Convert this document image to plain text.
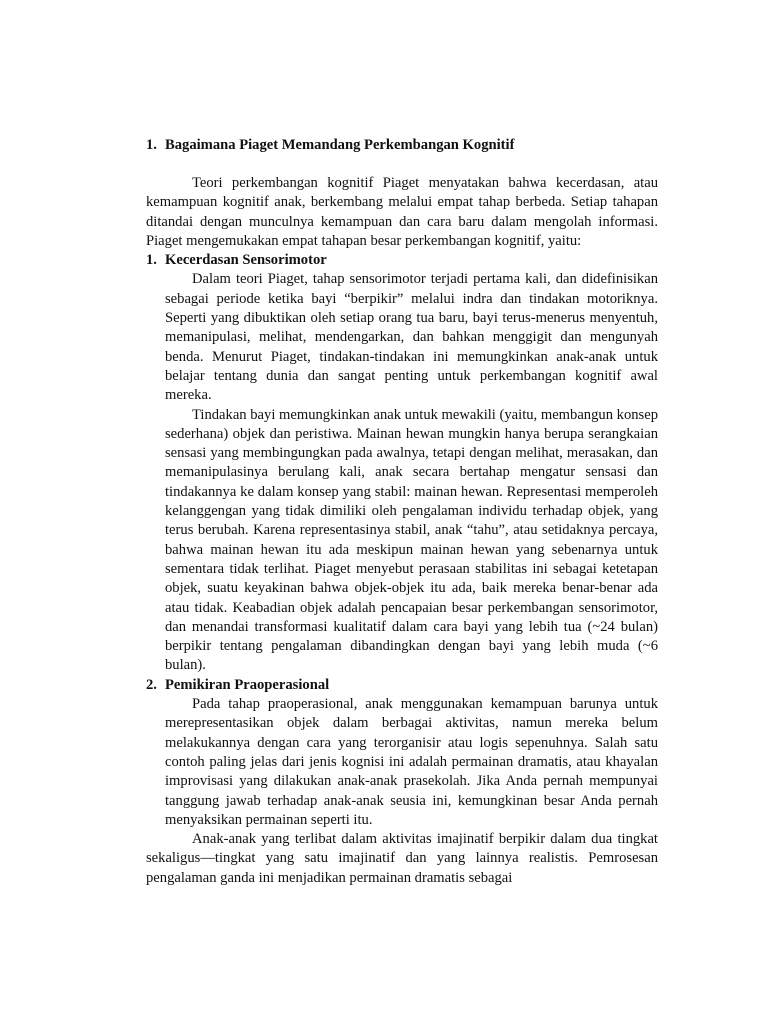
1. Bagaimana Piaget Memandang Perkembangan Kognitif

Teori perkembangan kognitif Piaget menyatakan bahwa kecerdasan, atau kemampuan kognitif anak, berkembang melalui empat tahap berbeda. Setiap tahapan ditandai dengan munculnya kemampuan dan cara baru dalam mengolah informasi. Piaget mengemukakan empat tahapan besar perkembangan kognitif, yaitu:

1. Kecerdasan Sensorimotor

Dalam teori Piaget, tahap sensorimotor terjadi pertama kali, dan didefinisikan sebagai periode ketika bayi “berpikir” melalui indra dan tindakan motoriknya. Seperti yang dibuktikan oleh setiap orang tua baru, bayi terus-menerus menyentuh, memanipulasi, melihat, mendengarkan, dan bahkan menggigit dan mengunyah benda. Menurut Piaget, tindakan-tindakan ini memungkinkan anak-anak untuk belajar tentang dunia dan sangat penting untuk perkembangan kognitif awal mereka.

Tindakan bayi memungkinkan anak untuk mewakili (yaitu, membangun konsep sederhana) objek dan peristiwa. Mainan hewan mungkin hanya berupa serangkaian sensasi yang membingungkan pada awalnya, tetapi dengan melihat, merasakan, dan memanipulasinya berulang kali, anak secara bertahap mengatur sensasi dan tindakannya ke dalam konsep yang stabil: mainan hewan. Representasi memperoleh kelanggengan yang tidak dimiliki oleh pengalaman individu terhadap objek, yang terus berubah. Karena representasinya stabil, anak “tahu”, atau setidaknya percaya, bahwa mainan hewan itu ada meskipun mainan hewan yang sebenarnya untuk sementara tidak terlihat. Piaget menyebut perasaan stabilitas ini sebagai ketetapan objek, suatu keyakinan bahwa objek-objek itu ada, baik mereka benar-benar ada atau tidak. Keabadian objek adalah pencapaian besar perkembangan sensorimotor, dan menandai transformasi kualitatif dalam cara bayi yang lebih tua (~24 bulan) berpikir tentang pengalaman dibandingkan dengan bayi yang lebih muda (~6 bulan).

2. Pemikiran Praoperasional

Pada tahap praoperasional, anak menggunakan kemampuan barunya untuk merepresentasikan objek dalam berbagai aktivitas, namun mereka belum melakukannya dengan cara yang terorganisir atau logis sepenuhnya. Salah satu contoh paling jelas dari jenis kognisi ini adalah permainan dramatis, atau khayalan improvisasi yang dilakukan anak-anak prasekolah. Jika Anda pernah mempunyai tanggung jawab terhadap anak-anak seusia ini, kemungkinan besar Anda pernah menyaksikan permainan seperti itu.

Anak-anak yang terlibat dalam aktivitas imajinatif berpikir dalam dua tingkat sekaligus—tingkat yang satu imajinatif dan yang lainnya realistis. Pemrosesan pengalaman ganda ini menjadikan permainan dramatis sebagai
